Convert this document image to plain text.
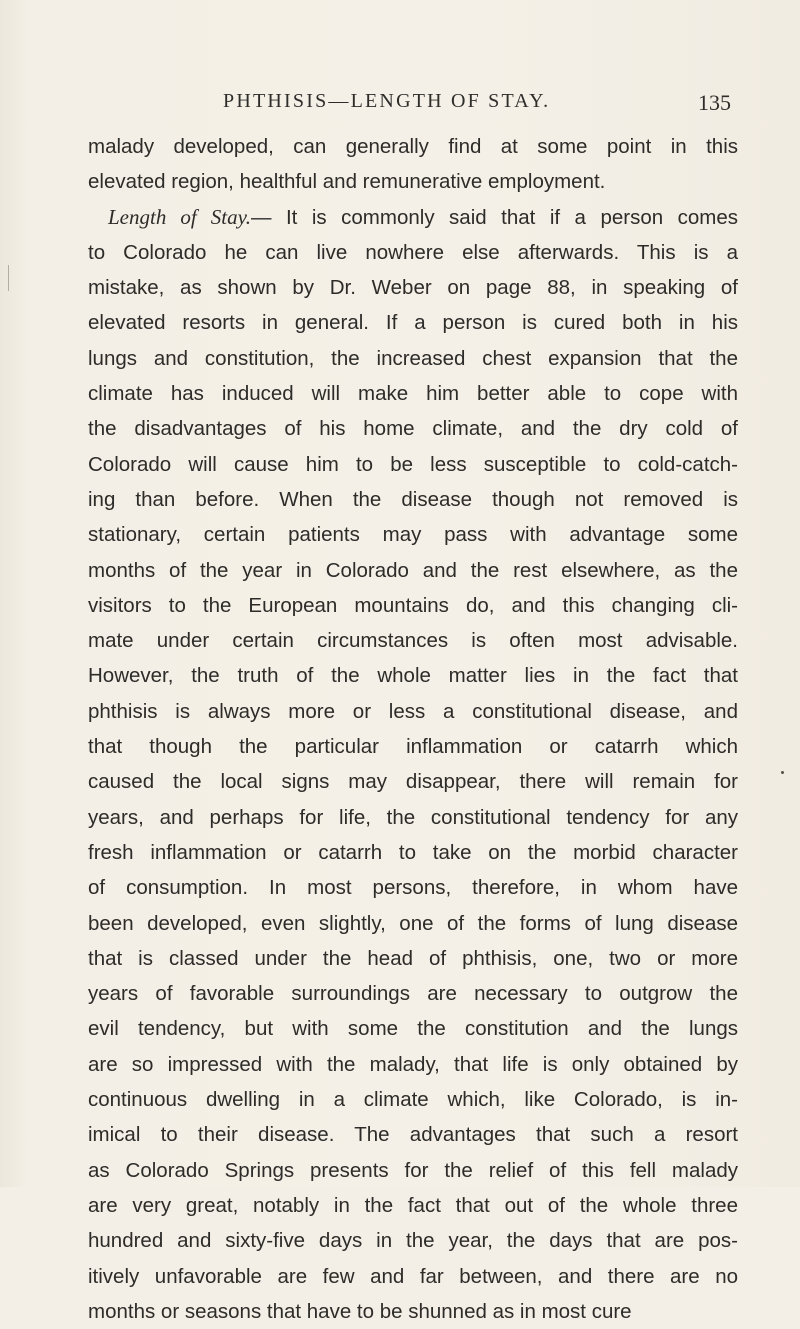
PHTHISIS—LENGTH OF STAY.	135
malady developed, can generally find at some point in this
elevated region, healthful and remunerative employment.
Length of Stay.— It is commonly said that if a person comes
to Colorado he can live nowhere else afterwards. This is a
mistake, as shown by Dr. Weber on page 88, in speaking of
elevated resorts in general. If a person is cured both in his
lungs and constitution, the increased chest expansion that the
climate has induced will make him better able to cope with
the disadvantages of his home climate, and the dry cold of
Colorado will cause him to be less susceptible to cold-catch-
ing than before. When the disease though not removed is
stationary, certain patients may pass with advantage some
months of the year in Colorado and the rest elsewhere, as the
visitors to the European mountains do, and this changing cli-
mate under certain circumstances is often most advisable.
However, the truth of the whole matter lies in the fact that
phthisis is always more or less a constitutional disease, and
that though the particular inflammation or catarrh which
caused the local signs may disappear, there will remain for
years, and perhaps for life, the constitutional tendency for any
fresh inflammation or catarrh to take on the morbid character
of consumption. In most persons, therefore, in whom have
been developed, even slightly, one of the forms of lung disease
that is classed under the head of phthisis, one, two or more
years of favorable surroundings are necessary to outgrow the
evil tendency, but with some the constitution and the lungs
are so impressed with the malady, that life is only obtained by
continuous dwelling in a climate which, like Colorado, is in-
imical to their disease. The advantages that such a resort
as Colorado Springs presents for the relief of this fell malady
are very great, notably in the fact that out of the whole three
hundred and sixty-five days in the year, the days that are pos-
itively unfavorable are few and far between, and there are no
months or seasons that have to be shunned as in most cure
